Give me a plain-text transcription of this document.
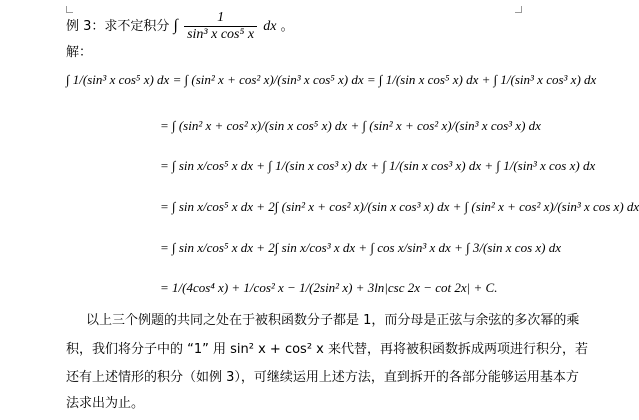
例 3：求不定积分 ∫ $\frac{1}{\text{sin³ x cos⁵ x}}$ dx 。
解：
∫ 1/(sin³ x cos⁵ x) dx = ∫ (sin² x + cos² x)/(sin³ x cos⁵ x) dx = ∫ 1/(sin x cos⁵ x) dx + ∫ 1/(sin³ x cos³ x) dx
= ∫ (sin² x + cos² x)/(sin x cos⁵ x) dx + ∫ (sin² x + cos² x)/(sin³ x cos³ x) dx
= ∫ sin x/cos⁵ x dx + ∫ 1/(sin x cos³ x) dx + ∫ 1/(sin x cos³ x) dx + ∫ 1/(sin³ x cos x) dx
= ∫ sin x/cos⁵ x dx + 2∫ (sin² x + cos² x)/(sin x cos³ x) dx + ∫ (sin² x + cos² x)/(sin³ x cos x) dx
= ∫ sin x/cos⁵ x dx + 2∫ sin x/cos³ x dx + ∫ cos x/sin³ x dx + ∫ 3/(sin x cos x) dx
= 1/(4cos⁴ x) + 1/cos² x − 1/(2sin² x) + 3ln|csc 2x − cot 2x| + C.
以上三个例题的共同之处在于被积函数分子都是 1，而分母是正弦与余弦的多次幂的乘
积，我们将分子中的 “1” 用 sin² x + cos² x 来代替，再将被积函数拆成两项进行积分，若
还有上述情形的积分（如例 3），可继续运用上述方法，直到拆开的各部分能够运用基本方
法求出为止。
